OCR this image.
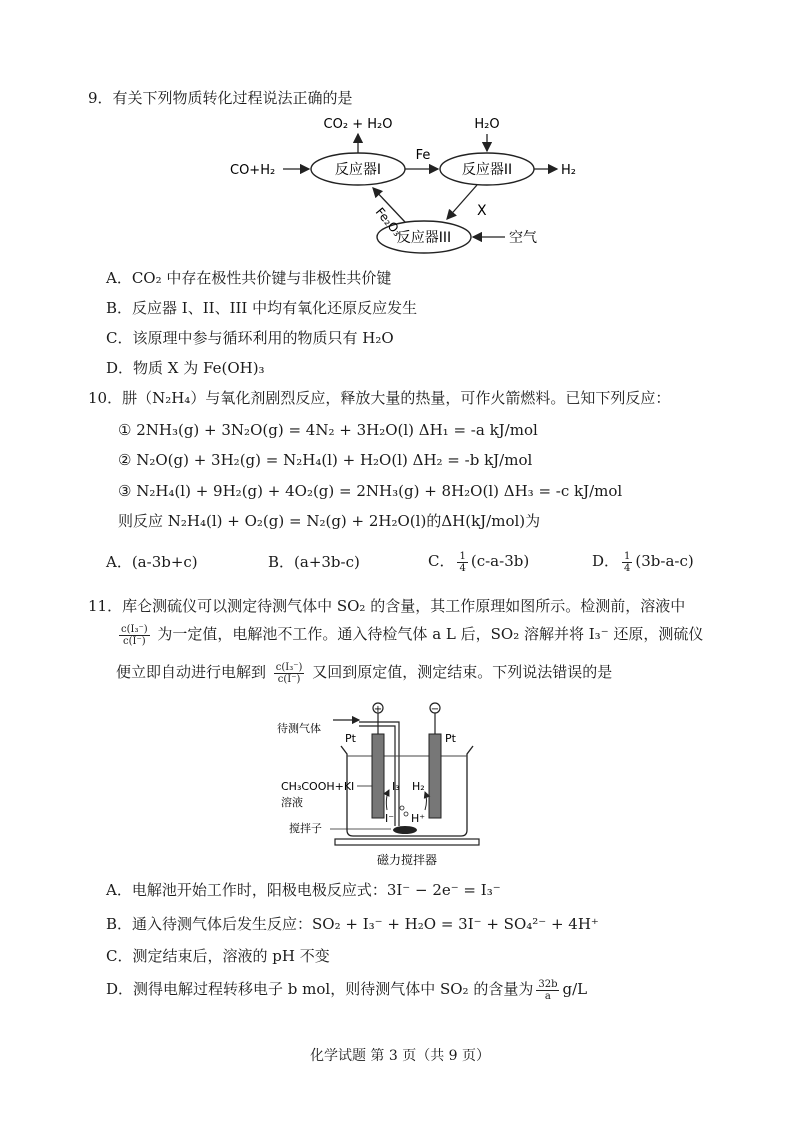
9．有关下列物质转化过程说法正确的是
反应器I	反应器II
反应器III
CO₂ + H₂O
CO+H₂
Fe
H₂O
H₂
X
Fe₂O₃	空气
A．CO₂ 中存在极性共价键与非极性共价键
B．反应器 I、II、III 中均有氧化还原反应发生
C．该原理中参与循环利用的物质只有 H₂O
D．物质 X 为 Fe(OH)₃
10．肼（N₂H₄）与氧化剂剧烈反应，释放大量的热量，可作火箭燃料。已知下列反应：
① 2NH₃(g) + 3N₂O(g) = 4N₂ + 3H₂O(l) ΔH₁ = -a kJ/mol
② N₂O(g) + 3H₂(g) = N₂H₄(l) + H₂O(l) ΔH₂ = -b kJ/mol
③ N₂H₄(l) + 9H₂(g) + 4O₂(g) = 2NH₃(g) + 8H₂O(l) ΔH₃ = -c kJ/mol
则反应 N₂H₄(l) + O₂(g) = N₂(g) + 2H₂O(l)的ΔH(kJ/mol)为
A．(a-3b+c)	B．(a+3b-c)	C． $\frac{1}{4} (c-a-3b)$	D． $\frac{1}{4} (3b-a-c)$
11．库仑测硫仪可以测定待测气体中 SO₂ 的含量，其工作原理如图所示。检测前，溶液中
$\frac{\text{c(I₃⁻)}}{c(I^-)}$ 为一定值，电解池不工作。通入待检气体 a L 后，SO₂ 溶解并将 I₃⁻ 还原，测硫仪
便立即自动进行电解到 $\frac{\text{c(I₃⁻)}}{c(I^-)}$ 又回到原定值，测定结束。下列说法错误的是
+	−
待测气体
Pt	Pt
CH₃COOH+KI
溶液
I₃ H₂
I⁻ H⁺
搅拌子
磁力搅拌器
A．电解池开始工作时，阳极电极反应式：3I⁻ − 2e⁻ = I₃⁻
B．通入待测气体后发生反应：SO₂ + I₃⁻ + H₂O = 3I⁻ + SO₄²⁻ + 4H⁺
C．测定结束后，溶液的 pH 不变
D．测得电解过程转移电子 b mol，则待测气体中 SO₂ 的含量为 $\frac{32b}{a} g/L$
化学试题 第 3 页（共 9 页）
